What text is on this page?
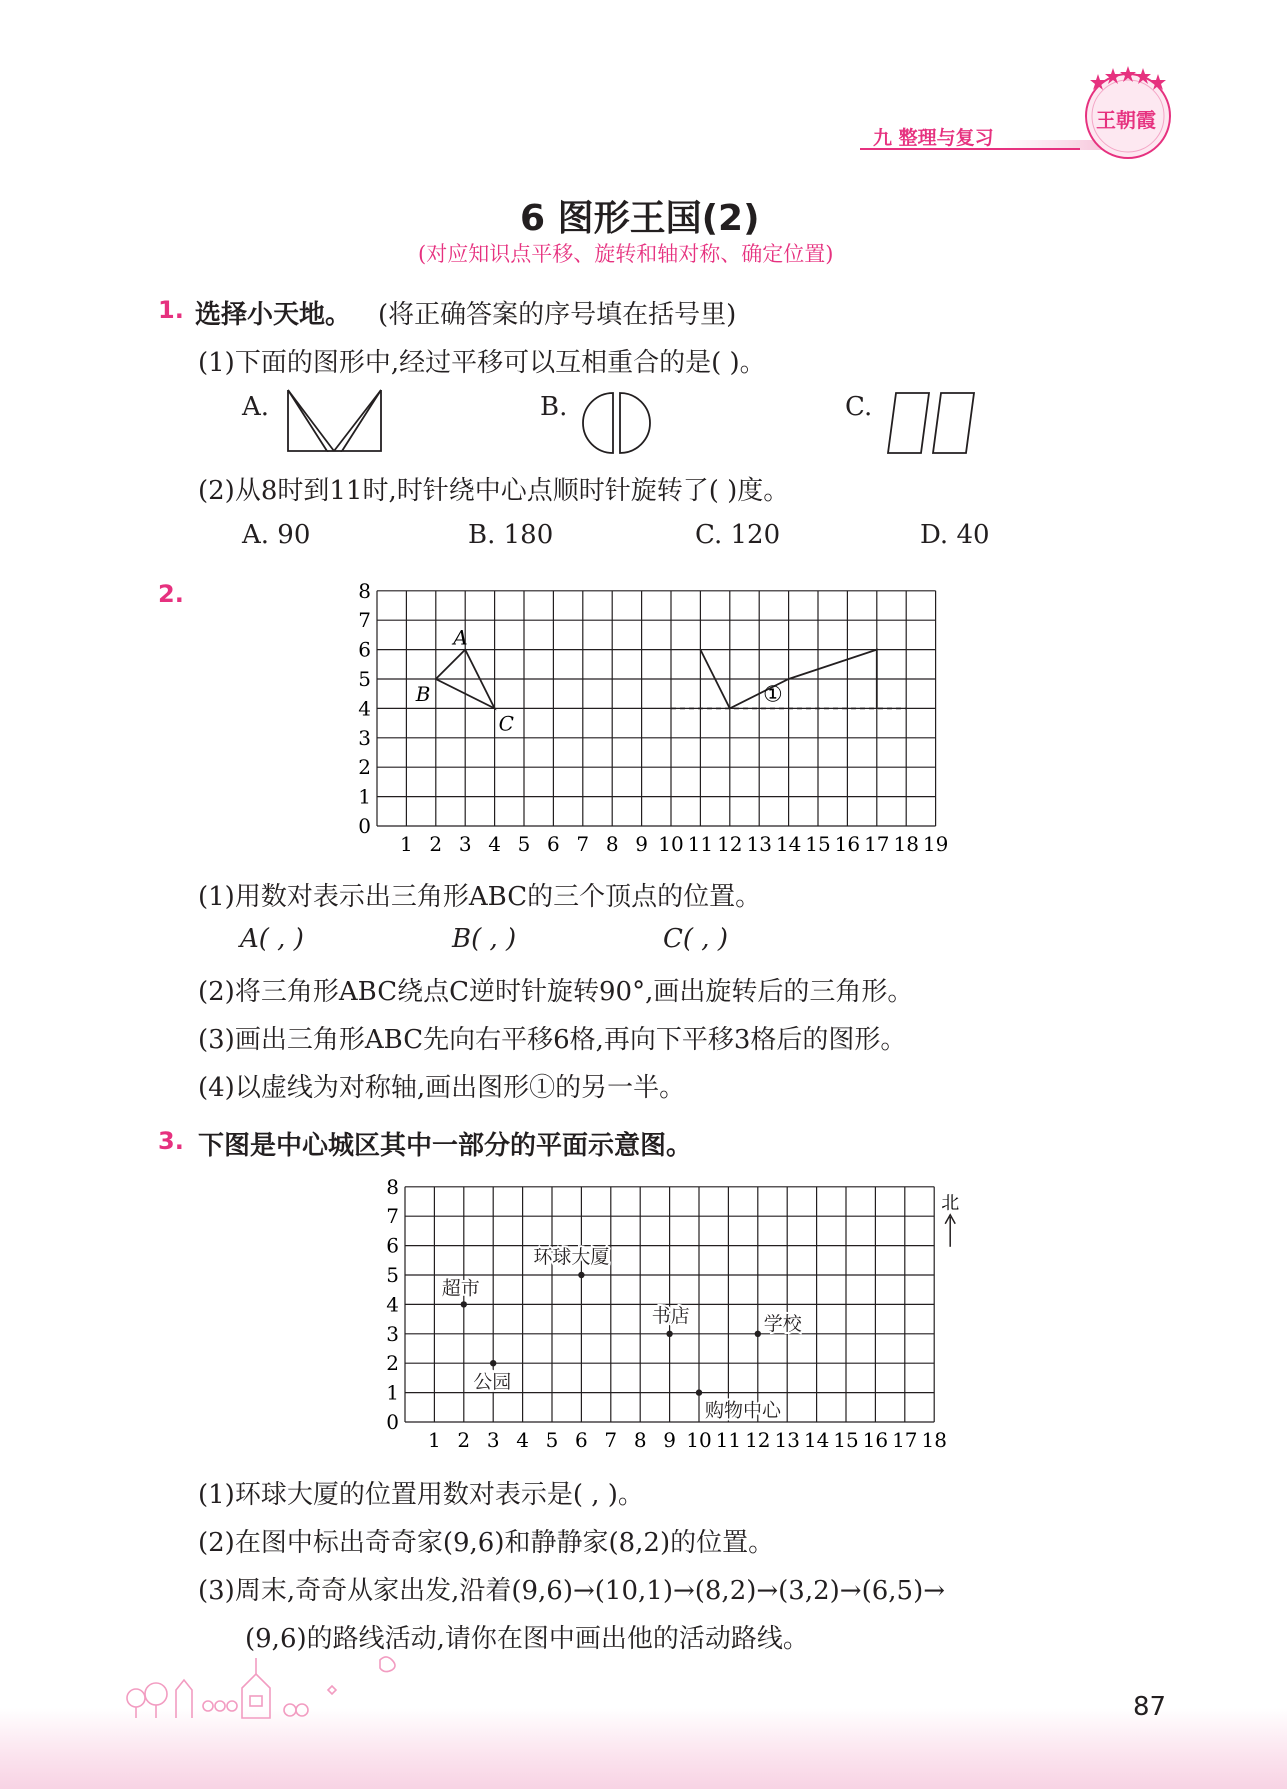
九 整理与复习
王朝霞
6 图形王国(2)
(对应知识点平移、旋转和轴对称、确定位置)
1. 选择小天地。 (将正确答案的序号填在括号里)
(1)下面的图形中,经过平移可以互相重合的是( )。
A.	B.	C.
(2)从8时到11时,时针绕中心点顺时针旋转了( )度。
A. 90	B. 180	C. 120	D. 40
2.
0
1
2
3
4
5
6
7
8
1 2 3 4 5 6 7 8 9 10 11 12 13 14 15 16 17 18 19
A
B
C
①
(1)用数对表示出三角形ABC的三个顶点的位置。
A( , )	B( , )	C( , )
(2)将三角形ABC绕点C逆时针旋转90°,画出旋转后的三角形。
(3)画出三角形ABC先向右平移6格,再向下平移3格后的图形。
(4)以虚线为对称轴,画出图形①的另一半。
3. 下图是中心城区其中一部分的平面示意图。
0
1
2
3
4
5
6
7
8
1 2 3 4 5 6 7 8 9 10 11 12 13 14 15 16 17 18
北
超市
公园
环球大厦
书店	学校
购物中心
(1)环球大厦的位置用数对表示是( , )。
(2)在图中标出奇奇家(9,6)和静静家(8,2)的位置。
(3)周末,奇奇从家出发,沿着(9,6)→(10,1)→(8,2)→(3,2)→(6,5)→
(9,6)的路线活动,请你在图中画出他的活动路线。
87
